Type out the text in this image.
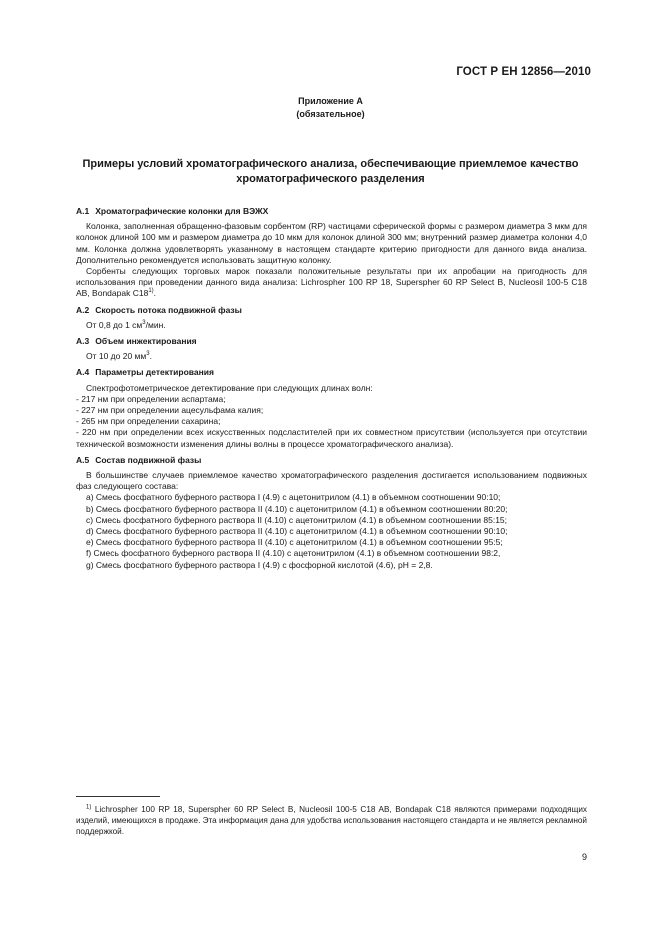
ГОСТ Р ЕН 12856—2010
Приложение А
(обязательное)
Примеры условий хроматографического анализа, обеспечивающие приемлемое качество хроматографического разделения
А.1 Хроматографические колонки для ВЭЖХ

Колонка, заполненная обращенно-фазовым сорбентом (RP) частицами сферической формы с размером диаметра 3 мкм для колонок длиной 100 мм и размером диаметра до 10 мкм для колонок длиной 300 мм; внутренний размер диаметра колонки 4,0 мм. Колонка должна удовлетворять указанному в настоящем стандарте критерию пригодности для данного вида анализа. Дополнительно рекомендуется использовать защитную колонку.

Сорбенты следующих торговых марок показали положительные результаты при их апробации на пригодность для использования при проведении данного вида анализа: Lichrospher 100 RP 18, Superspher 60 RP Select B, Nucleosil 100-5 C18 AB, Bondapak C18$^{1)}$.

А.2 Скорость потока подвижной фазы

От 0,8 до 1 $см^3$/мин.

А.3 Объем инжектирования

От 10 до 20 $мм^3$.

А.4 Параметры детектирования

Спектрофотометрическое детектирование при следующих длинах волн:

- 217 нм при определении аспартама;

- 227 нм при определении ацесульфама калия;

- 265 нм при определении сахарина;

- 220 нм при определении всех искусственных подсластителей при их совместном присутствии (используется при отсутствии технической возможности изменения длины волны в процессе хроматографического анализа).

А.5 Состав подвижной фазы

В большинстве случаев приемлемое качество хроматографического разделения достигается использованием подвижных фаз следующего состава:

a) Смесь фосфатного буферного раствора I (4.9) с ацетонитрилом (4.1) в объемном соотношении 90:10;

b) Смесь фосфатного буферного раствора II (4.10) с ацетонитрилом (4.1) в объемном соотношении 80:20;

c) Смесь фосфатного буферного раствора II (4.10) с ацетонитрилом (4.1) в объемном соотношении 85:15;

d) Смесь фосфатного буферного раствора II (4.10) с ацетонитрилом (4.1) в объемном соотношении 90:10;

e) Смесь фосфатного буферного раствора II (4.10) с ацетонитрилом (4.1) в объемном соотношении 95:5;

f) Смесь фосфатного буферного раствора II (4.10) с ацетонитрилом (4.1) в объемном соотношении 98:2,

g) Смесь фосфатного буферного раствора I (4.9) с фосфорной кислотой (4.6), pH = 2,8.

$^{1)}$ Lichrospher 100 RP 18, Superspher 60 RP Select B, Nucleosil 100-5 C18 AB, Bondapak C18 являются примерами подходящих изделий, имеющихся в продаже. Эта информация дана для удобства использования настоящего стандарта и не является рекламной поддержкой.
9
